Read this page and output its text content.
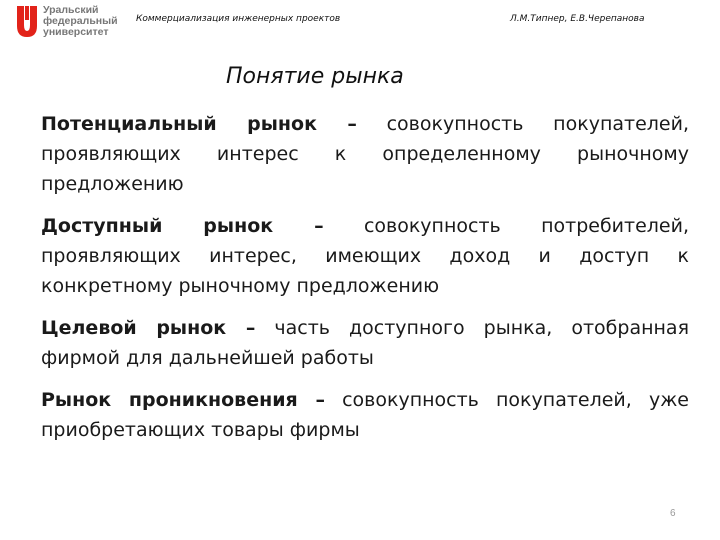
Уральский
федеральный
университет
Коммерциализация инженерных проектов	Л.М.Типнер, Е.В.Черепанова
Понятие рынка

Потенциальный рынок – совокупность покупателей, проявляющих интерес к определенному рыночному предложению

Доступный рынок – совокупность потребителей, проявляющих интерес, имеющих доход и доступ к конкретному рыночному предложению

Целевой рынок – часть доступного рынка, отобранная фирмой для дальнейшей работы

Рынок проникновения – совокупность покупателей, уже приобретающих товары фирмы

6
